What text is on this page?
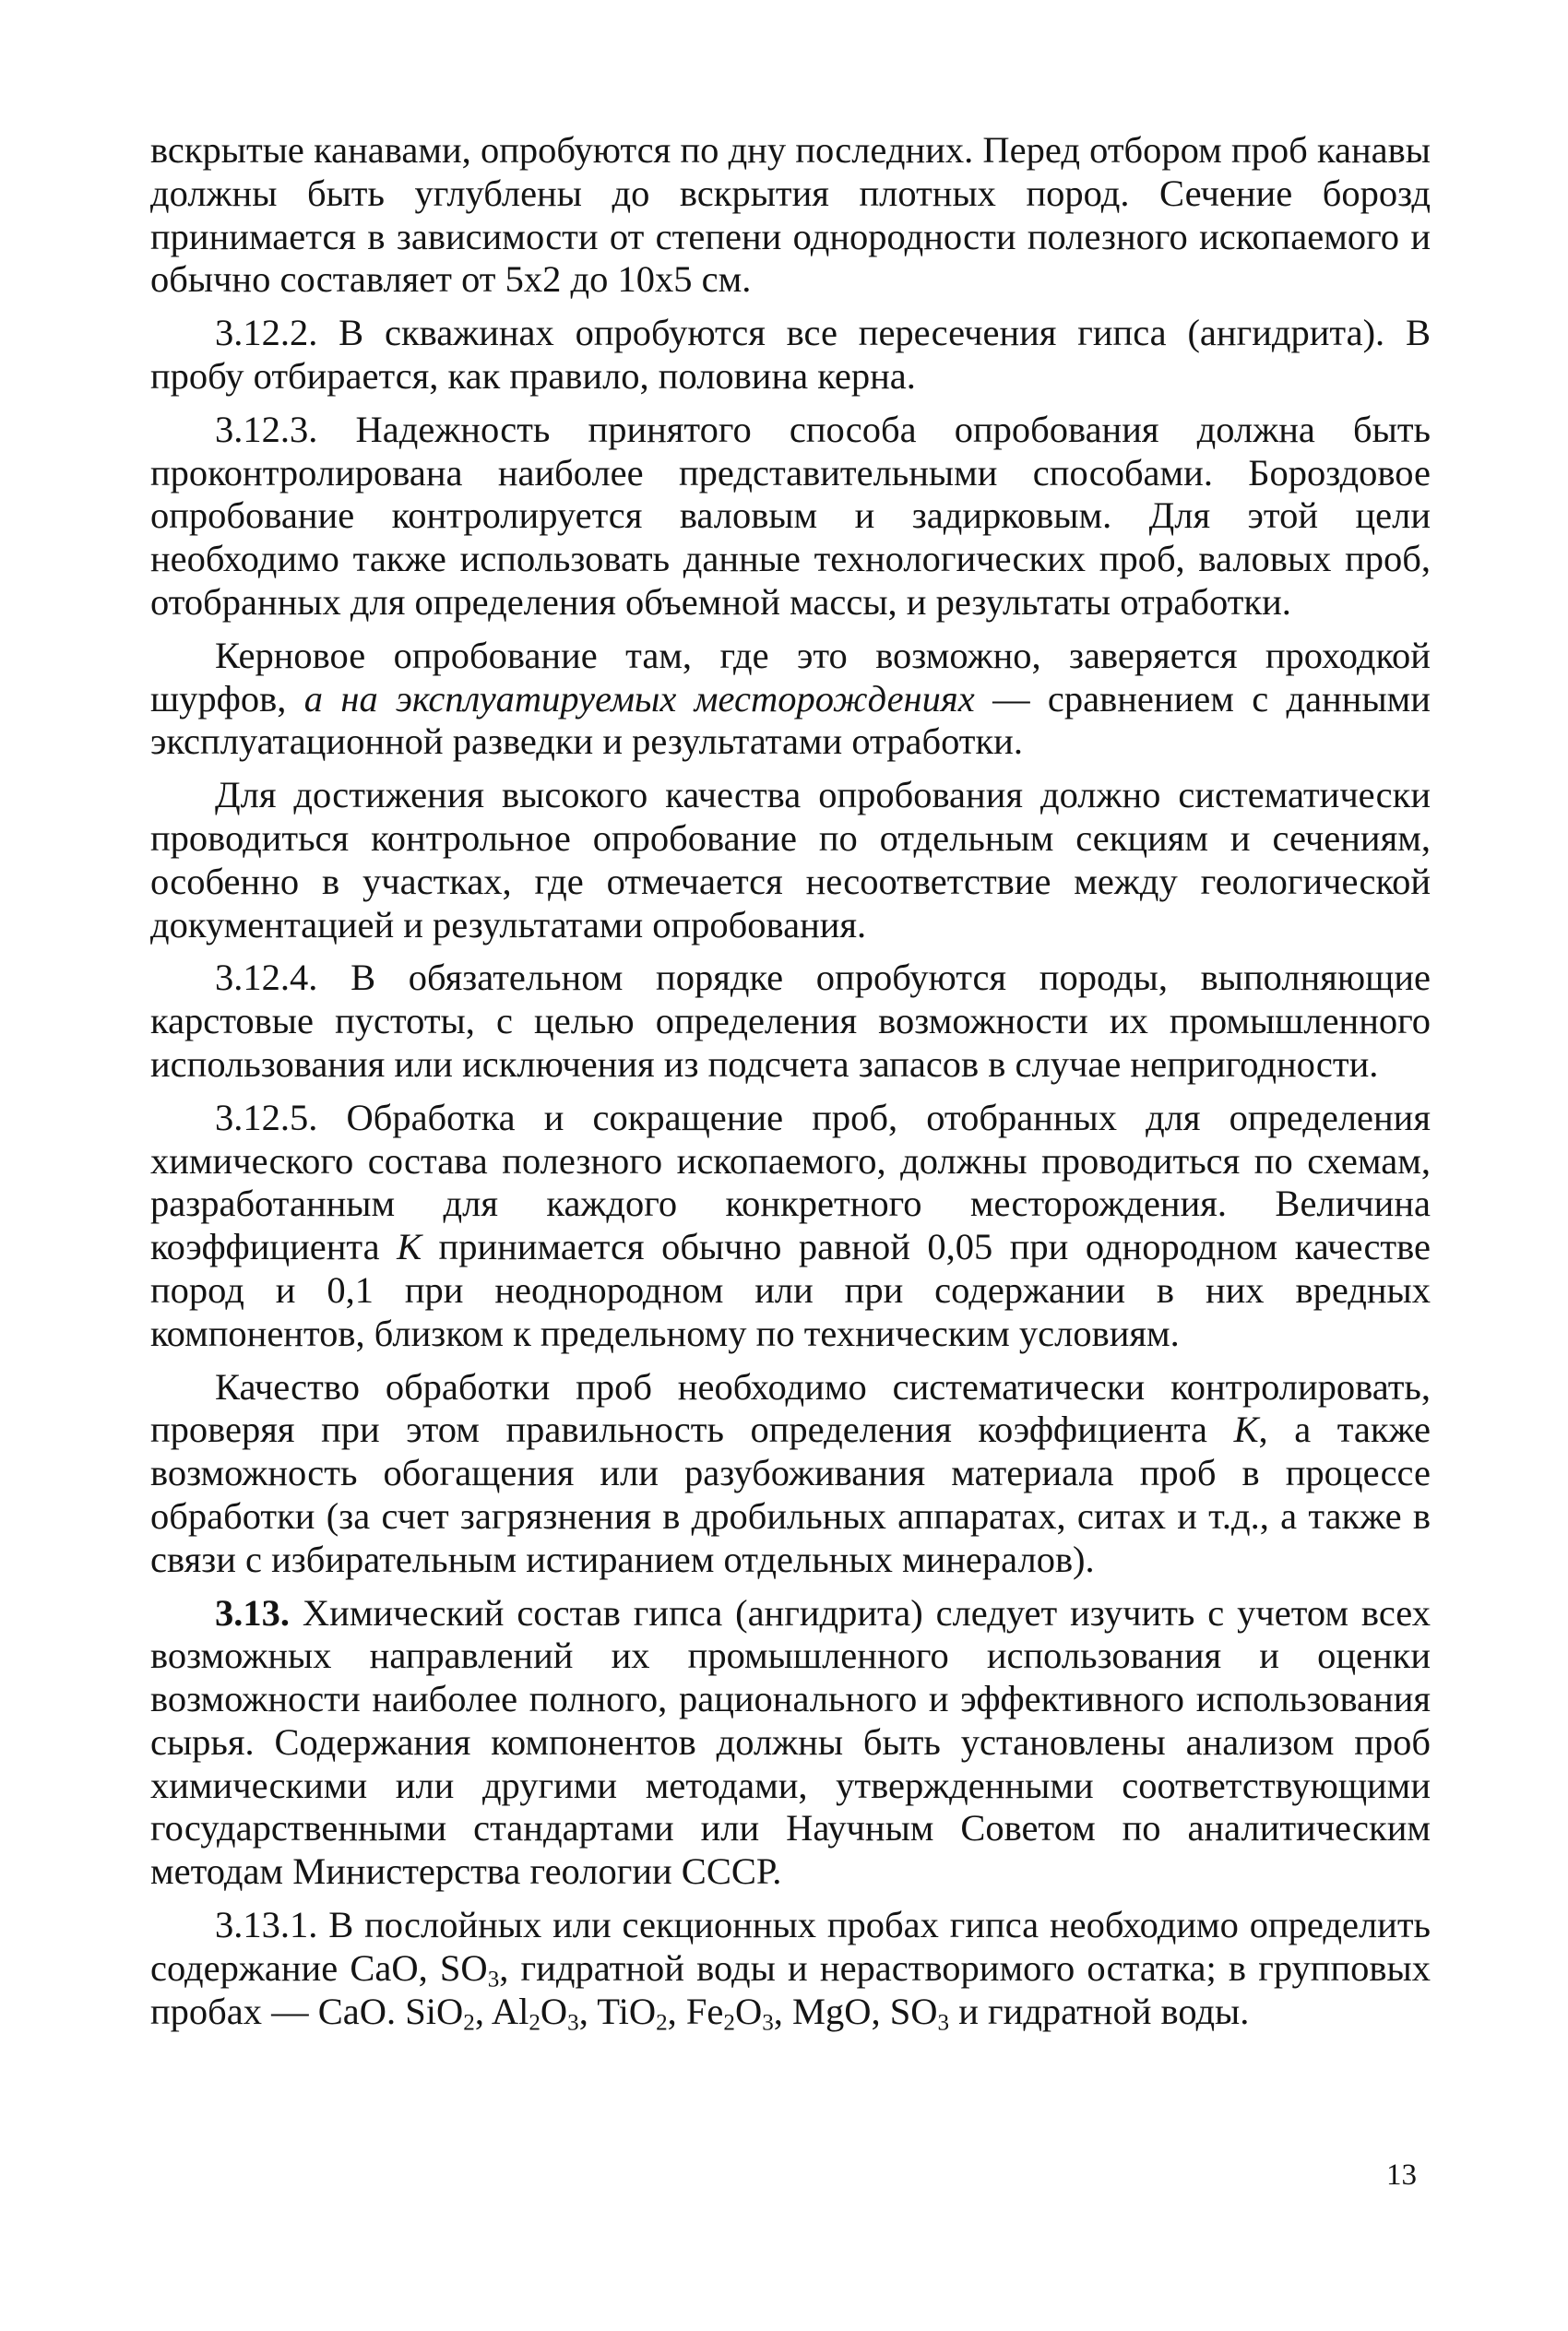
вскрытые канавами, опробуются по дну последних. Перед отбором проб канавы должны быть углублены до вскрытия плотных пород. Сечение борозд принимается в зависимости от степени однородности полезного ископаемого и обычно составляет от 5х2 до 10х5 см.

3.12.2. В скважинах опробуются все пересечения гипса (ангидрита). В пробу отбирается, как правило, половина керна.

3.12.3. Надежность принятого способа опробования должна быть проконтролирована наиболее представительными способами. Бороздовое опробование контролируется валовым и задирковым. Для этой цели необходимо также использовать данные технологических проб, валовых проб, отобранных для определения объемной массы, и результаты отработки.

Керновое опробование там, где это возможно, заверяется проходкой шурфов, а на эксплуатируемых месторождениях — сравнением с данными эксплуатационной разведки и результатами отработки.

Для достижения высокого качества опробования должно систематически проводиться контрольное опробование по отдельным секциям и сечениям, особенно в участках, где отмечается несоответствие между геологической документацией и результатами опробования.

3.12.4. В обязательном порядке опробуются породы, выполняющие карстовые пустоты, с целью определения возможности их промышленного использования или исключения из подсчета запасов в случае непригодности.

3.12.5. Обработка и сокращение проб, отобранных для определения химического состава полезного ископаемого, должны проводиться по схемам, разработанным для каждого конкретного месторождения. Величина коэффициента К принимается обычно равной 0,05 при однородном качестве пород и 0,1 при неоднородном или при содержании в них вредных компонентов, близком к предельному по техническим условиям.

Качество обработки проб необходимо систематически контролировать, проверяя при этом правильность определения коэффициента К, а также возможность обогащения или разубоживания материала проб в процессе обработки (за счет загрязнения в дробильных аппаратах, ситах и т.д., а также в связи с избирательным истиранием отдельных минералов).

3.13. Химический состав гипса (ангидрита) следует изучить с учетом всех возможных направлений их промышленного использования и оценки возможности наиболее полного, рационального и эффективного использования сырья. Содержания компонентов должны быть установлены анализом проб химическими или другими методами, утвержденными соответствующими государственными стандартами или Научным Советом по аналитическим методам Министерства геологии СССР.

3.13.1. В послойных или секционных пробах гипса необходимо определить содержание CaO, $SO_3$, гидратной воды и нерастворимого остатка; в групповых пробах — CaO. SiO$_2$, $Al_2O_3$, TiO$_2$, $Fe_2O_3$, MgO, $SO_3$ и гидратной воды.

13
